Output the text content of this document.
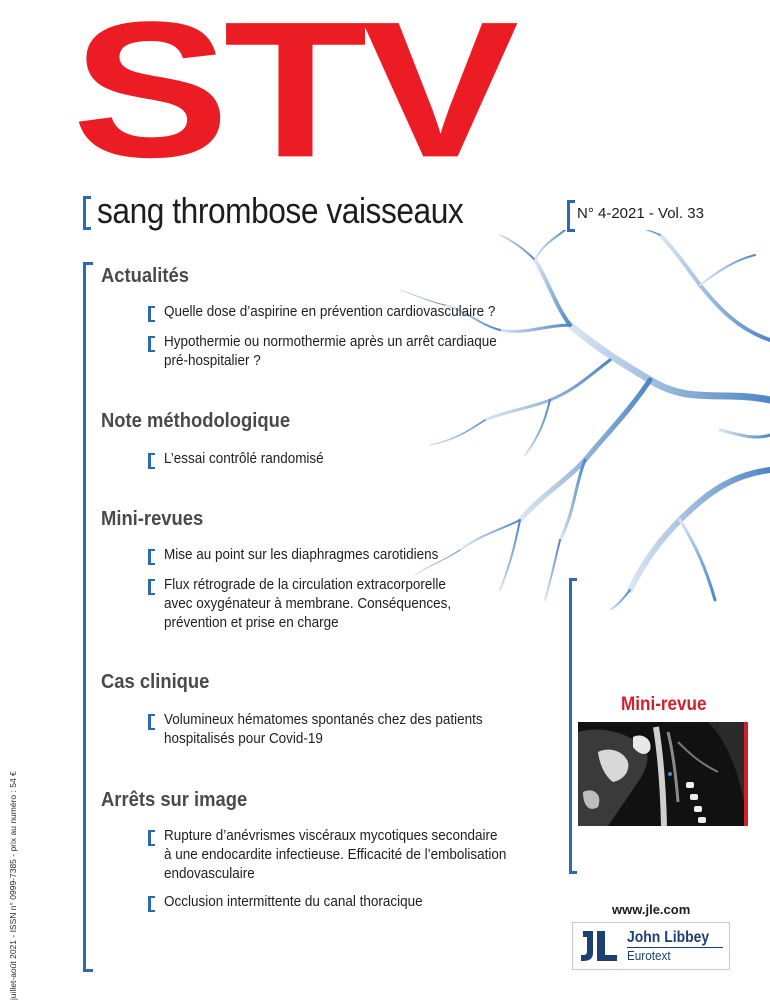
STV
sang thrombose vaisseaux	N° 4-2021 - Vol. 33
Actualités
Quelle dose d’aspirine en prévention cardiovasculaire ?
Hypothermie ou normothermie après un arrêt cardiaque
pré-hospitalier ?
Note méthodologique
L’essai contrôlé randomisé
Mini-revues
Mise au point sur les diaphragmes carotidiens
Flux rétrograde de la circulation extracorporelle
avec oxygénateur à membrane. Conséquences,
prévention et prise en charge
Cas clinique
Volumineux hématomes spontanés chez des patients
hospitalisés pour Covid-19
Arrêts sur image
Rupture d’anévrismes viscéraux mycotiques secondaire
à une endocardite infectieuse. Efficacité de l’embolisation
endovasculaire
Occlusion intermittente du canal thoracique
Mini-revue
www.jle.com
John Libbey
Eurotext
juillet-août 2021 - ISSN n° 0999-7385 - prix au numéro : 54 €
